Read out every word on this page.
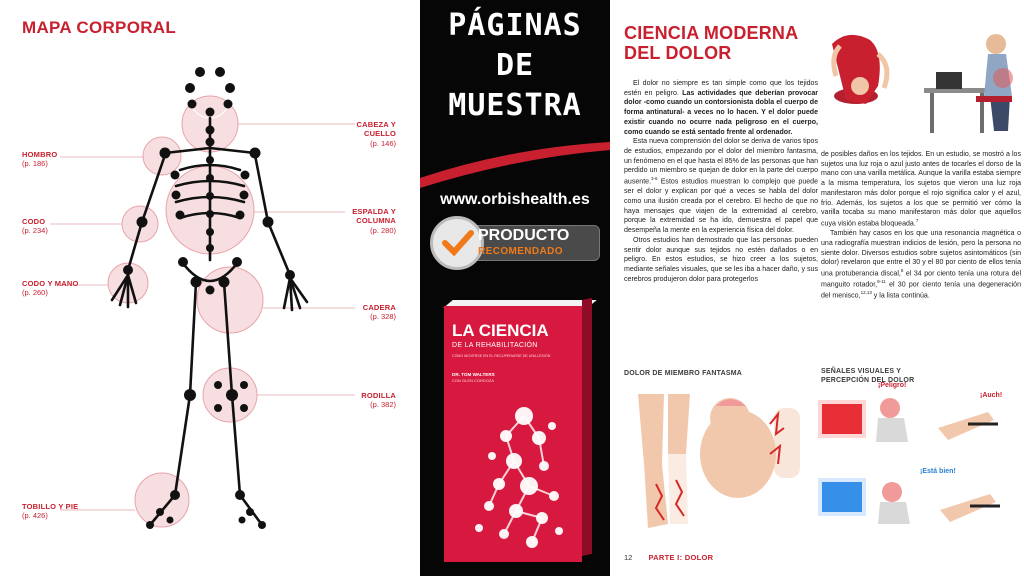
MAPA CORPORAL
HOMBRO
(p. 186)
CODO
(p. 234)
CODO Y MANO
(p. 260)
TOBILLO Y PIE
(p. 426)
CABEZA Y
CUELLO
(p. 146)
ESPALDA Y
COLUMNA
(p. 280)
CADERA
(p. 328)
RODILLA
(p. 382)
PÁGINAS
DE
MUESTRA
www.orbishealth.es
PRODUCTO
RECOMENDADO
LA CIENCIA
DE LA REHABILITACIÓN
CÓMO MOVERSE EN EL RECUPERARSE DE UNA LESIÓN
DR. TOM WALTERS
CON GLEN CORDOZA
CIENCIA MODERNA DEL DOLOR

El dolor no siempre es tan simple como que los tejidos estén en peligro. Las actividades que deberían provocar dolor -como cuando un contorsionista dobla el cuerpo de forma antinatural- a veces no lo hacen. Y el dolor puede existir cuando no ocurre nada peligroso en el cuerpo, como cuando se está sentado frente al ordenador.

Esta nueva comprensión del dolor se deriva de varios tipos de estudios, empezando por el dolor del miembro fantasma, un fenómeno en el que hasta el 85% de las personas que han perdido un miembro se quejan de dolor en la parte del cuerpo ausente.$^{3-6}$ Estos estudios muestran lo complejo que puede ser el dolor y explican por qué a veces se habla del dolor como una ilusión creada por el cerebro. El hecho de que no haya mensajes que viajen de la extremidad al cerebro, porque la extremidad se ha ido, demuestra el papel que desempeña la mente en la experiencia física del dolor.

Otros estudios han demostrado que las personas pueden sentir dolor aunque sus tejidos no estén dañados o en peligro. En estos estudios, se hizo creer a los sujetos, mediante señales visuales, que se les iba a hacer daño, y sus cerebros produjeron dolor para protegerlos

de posibles daños en los tejidos. En un estudio, se mostró a los sujetos una luz roja o azul justo antes de tocarles el dorso de la mano con una varilla metálica. Aunque la varilla estaba siempre a la misma temperatura, los sujetos que vieron una luz roja manifestaron más dolor porque el rojo significa calor y el azul, frío. Además, los sujetos a los que se permitió ver cómo la varilla tocaba su mano manifestaron más dolor que aquellos cuya visión estaba bloqueada.$^7$

También hay casos en los que una resonancia magnética o una radiografía muestran indicios de lesión, pero la persona no siente dolor. Diversos estudios sobre sujetos asintomáticos (sin dolor) revelaron que entre el 30 y el 80 por ciento de ellos tenía una protuberancia discal,$^8$ el 34 por ciento tenía una rotura del manguito rotador,$^{9-11}$ el 30 por ciento tenía una degeneración del menisco,$^{12,13}$ y la lista continúa.

DOLOR DE MIEMBRO FANTASMA	SEÑALES VISUALES Y PERCEPCIÓN DEL DOLOR
¡Peligro!
¡Auch!
¡Está bien!
12 PARTE I: DOLOR
